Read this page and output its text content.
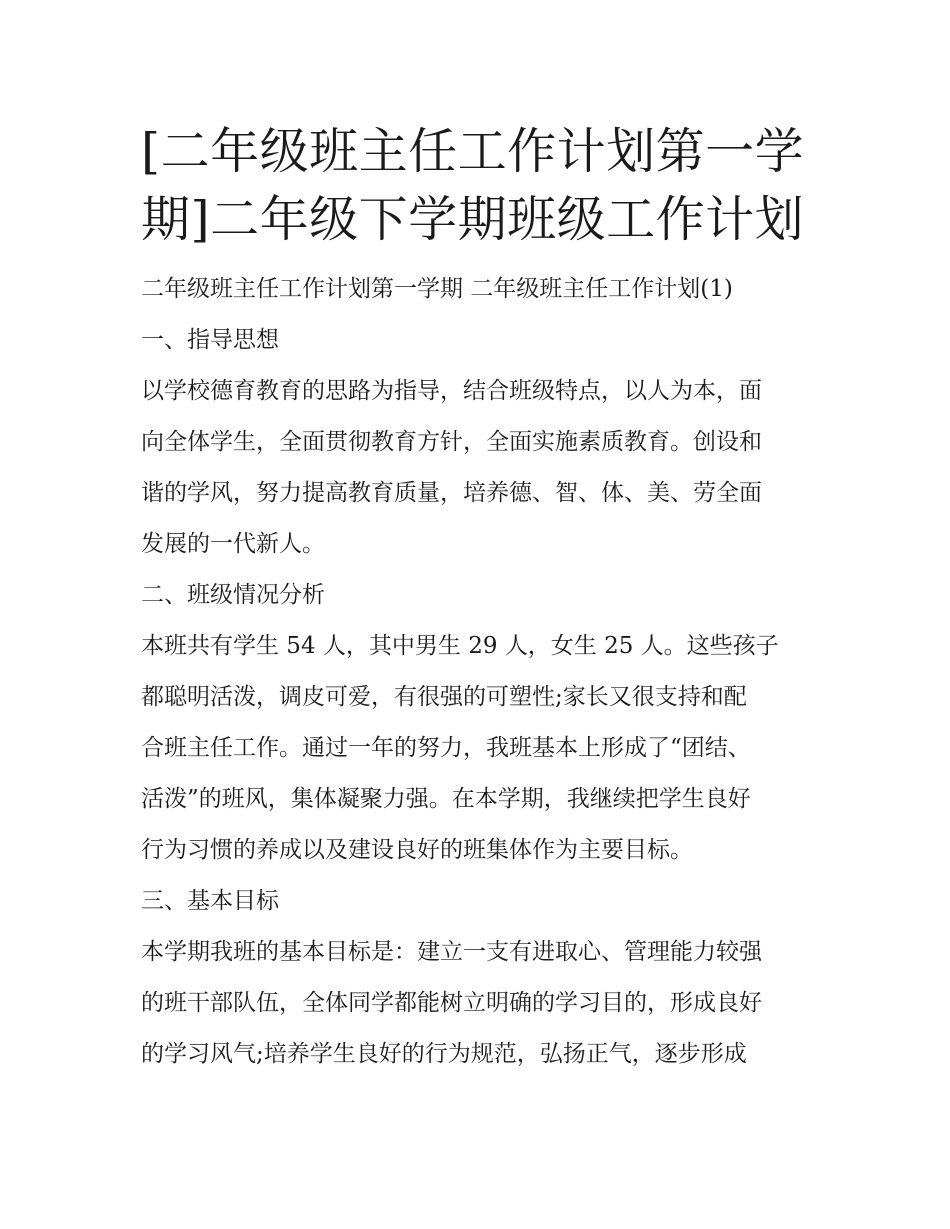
[二年级班主任工作计划第一学
期]二年级下学期班级工作计划

二年级班主任工作计划第一学期 二年级班主任工作计划(1)

一、指导思想

以学校德育教育的思路为指导，结合班级特点，以人为本，面

向全体学生，全面贯彻教育方针，全面实施素质教育。创设和

谐的学风，努力提高教育质量，培养德、智、体、美、劳全面

发展的一代新人。

二、班级情况分析

本班共有学生 54 人，其中男生 29 人，女生 25 人。这些孩子

都聪明活泼，调皮可爱，有很强的可塑性;家长又很支持和配

合班主任工作。通过一年的努力，我班基本上形成了“团结、

活泼”的班风，集体凝聚力强。在本学期，我继续把学生良好

行为习惯的养成以及建设良好的班集体作为主要目标。

三、基本目标

本学期我班的基本目标是：建立一支有进取心、管理能力较强

的班干部队伍，全体同学都能树立明确的学习目的，形成良好

的学习风气;培养学生良好的行为规范，弘扬正气，逐步形成
